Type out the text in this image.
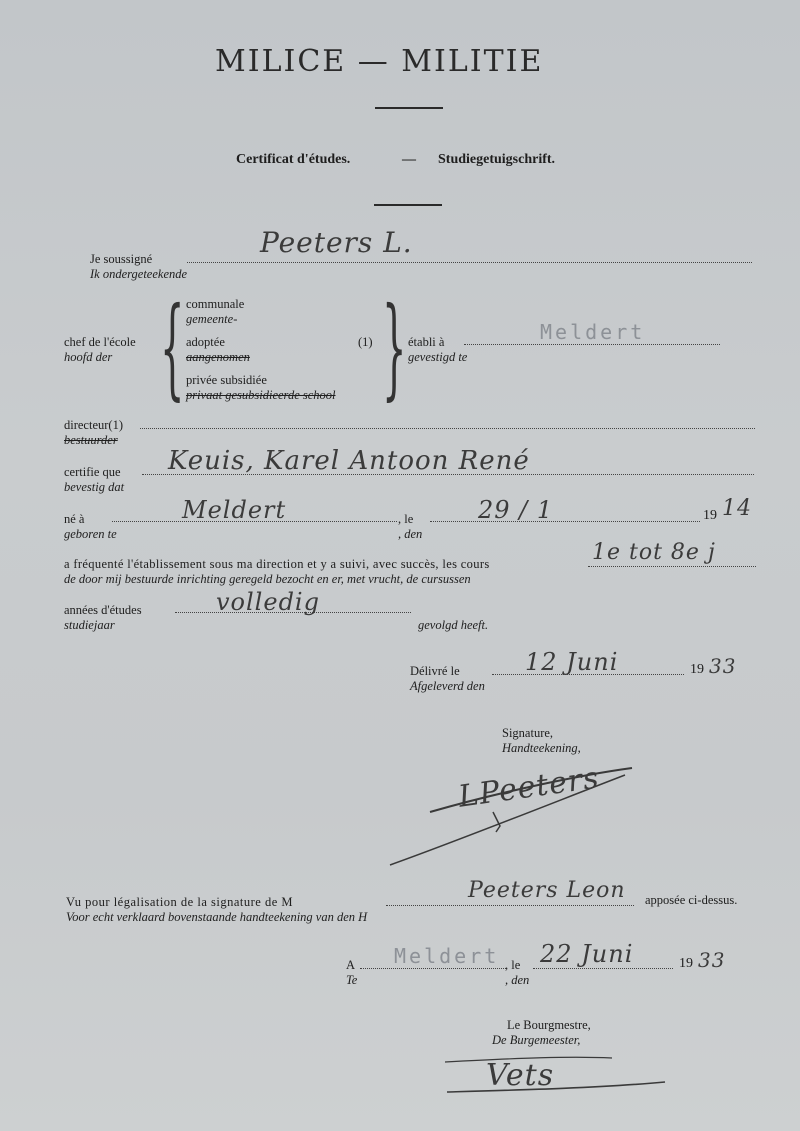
MILICE — MILITIE
Certificat d'études.	— Studiegetuigschrift.
Je soussigné
Ik ondergeteekende
Peeters L.
chef de l'école
hoofd der { communale
gemeente-
adoptée
aangenomen
privée subsidiée
privaat gesubsidieerde school
(1) } établi à
gevestigd te
Meldert
directeur(1)
bestuurder
certifie que
bevestig dat
Keuis, Karel Antoon René
né à
geboren te
Meldert	, le
, den
29 / 1	19 14
a fréquenté l'établissement sous ma direction et y a suivi, avec succès, les cours
de door mij bestuurde inrichting geregeld bezocht en er, met vrucht, de cursussen
1e tot 8e j
années d'études
studiejaar
volledig
gevolgd heeft.
Délivré le
Afgeleverd den
12 Juni	19 33
Signature,
Handteekening,
LPeeters
Vu pour légalisation de la signature de M
Voor echt verklaard bovenstaande handteekening van den H
Peeters Leon apposée ci-dessus.
A
Te
Meldert , le
, den
22 Juni	19 33
Le Bourgmestre,
De Burgemeester,
Vets
